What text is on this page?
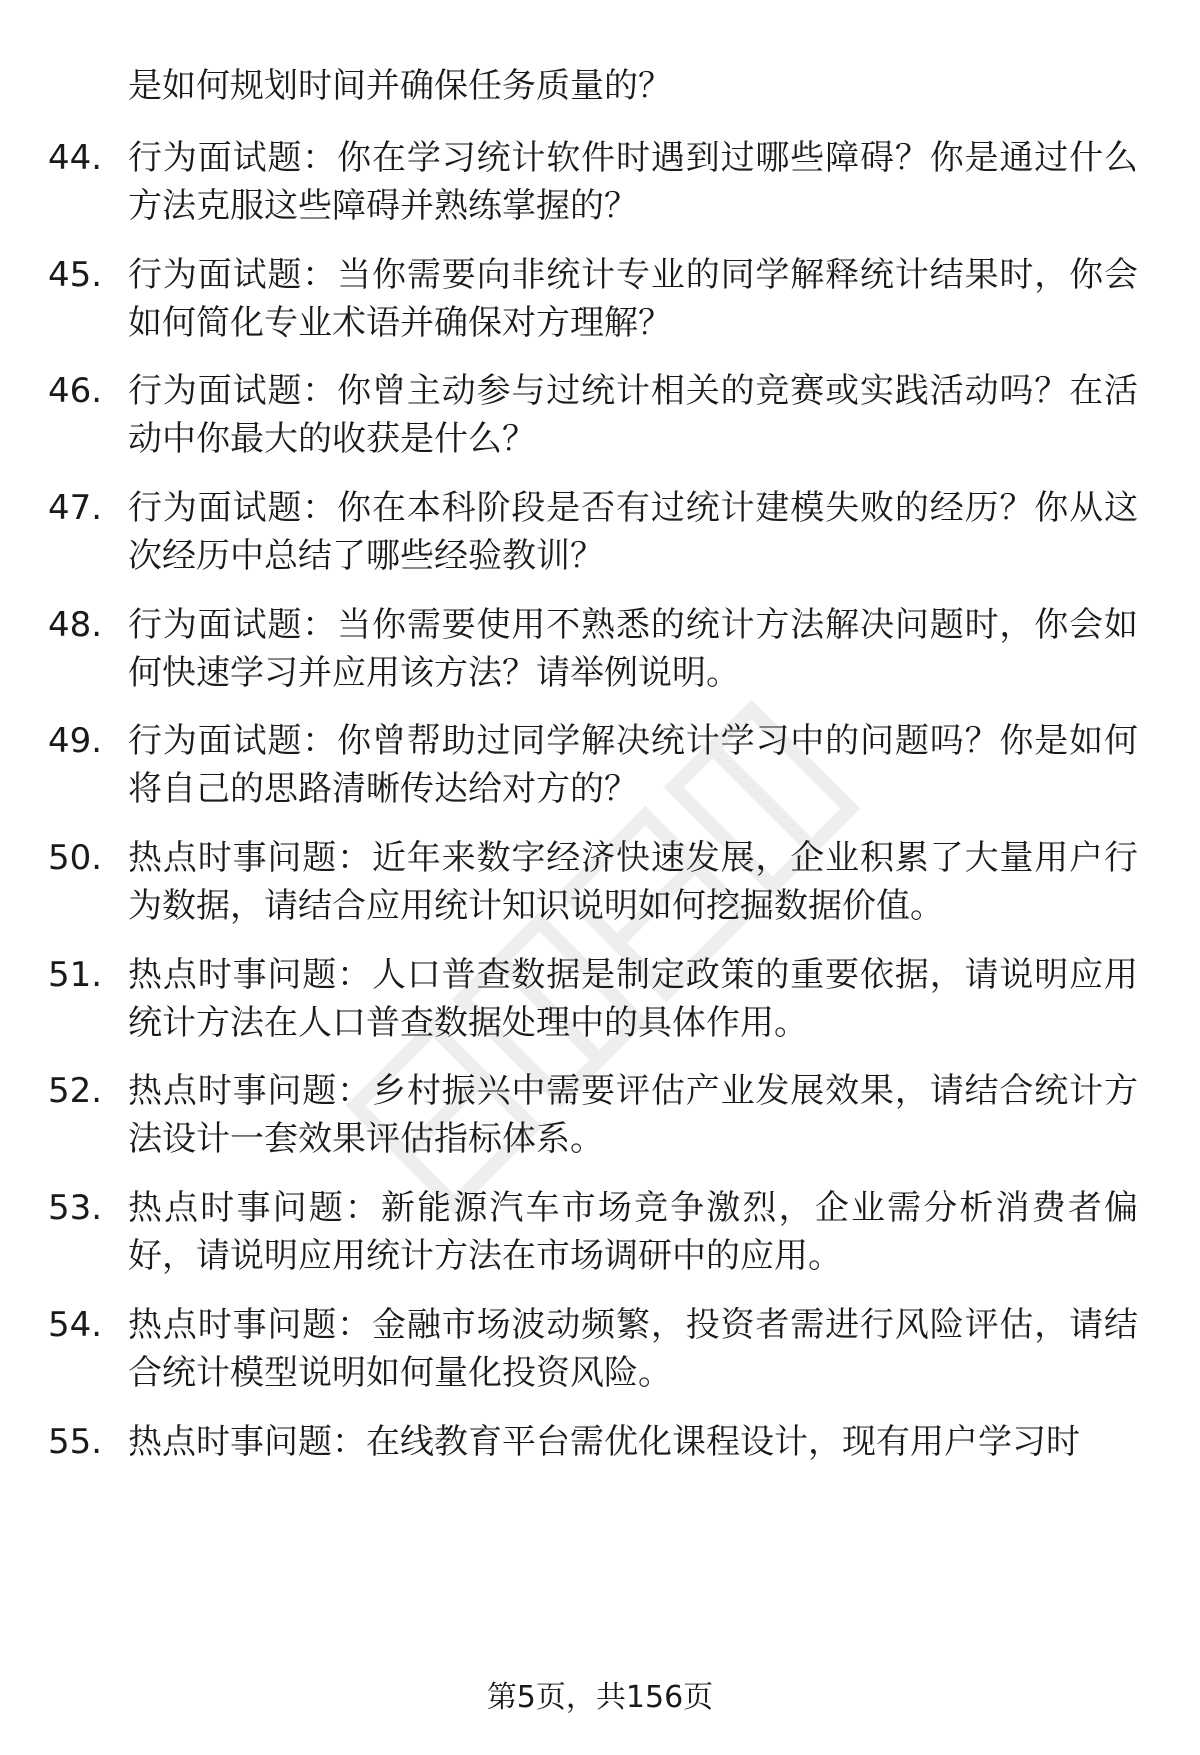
是如何规划时间并确保任务质量的？
44. 行为面试题：你在学习统计软件时遇到过哪些障碍？你是通过什么方法克服这些障碍并熟练掌握的？
45. 行为面试题：当你需要向非统计专业的同学解释统计结果时，你会如何简化专业术语并确保对方理解？
46. 行为面试题：你曾主动参与过统计相关的竞赛或实践活动吗？在活动中你最大的收获是什么？
47. 行为面试题：你在本科阶段是否有过统计建模失败的经历？你从这次经历中总结了哪些经验教训？
48. 行为面试题：当你需要使用不熟悉的统计方法解决问题时，你会如何快速学习并应用该方法？请举例说明。
49. 行为面试题：你曾帮助过同学解决统计学习中的问题吗？你是如何将自己的思路清晰传达给对方的？
50. 热点时事问题：近年来数字经济快速发展，企业积累了大量用户行为数据，请结合应用统计知识说明如何挖掘数据价值。
51. 热点时事问题：人口普查数据是制定政策的重要依据，请说明应用统计方法在人口普查数据处理中的具体作用。
52. 热点时事问题：乡村振兴中需要评估产业发展效果，请结合统计方法设计一套效果评估指标体系。
53. 热点时事问题：新能源汽车市场竞争激烈，企业需分析消费者偏好，请说明应用统计方法在市场调研中的应用。
54. 热点时事问题：金融市场波动频繁，投资者需进行风险评估，请结合统计模型说明如何量化投资风险。
55. 热点时事问题：在线教育平台需优化课程设计，现有用户学习时
第5页，共156页
